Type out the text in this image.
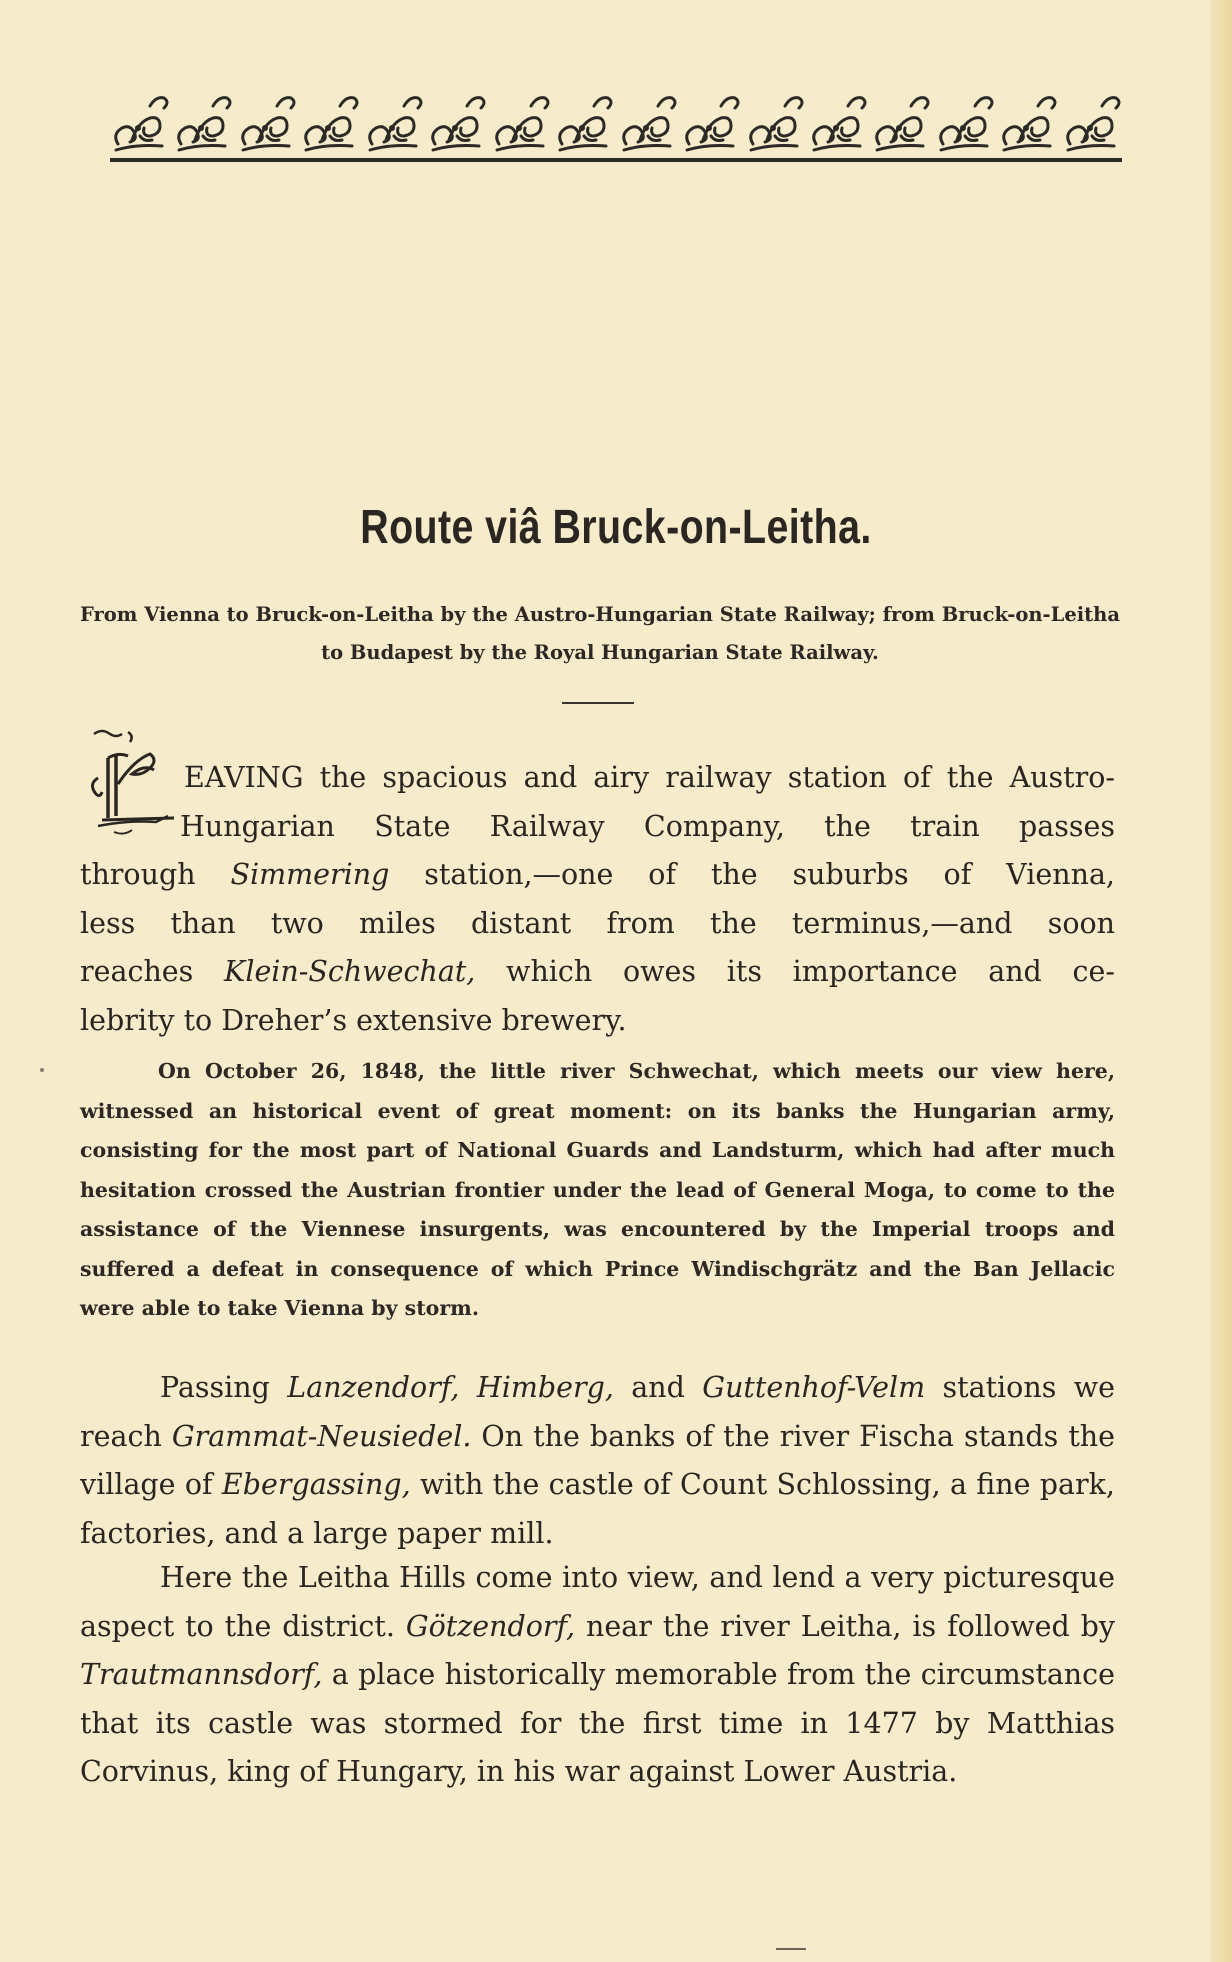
Route viâ Bruck-on-Leitha.
From Vienna to Bruck-on-Leitha by the Austro-Hungarian State Railway; from Bruck-on-Leitha to Budapest by the Royal Hungarian State Railway.
EAVING the spacious and airy railway station of the Austro-
Hungarian State Railway Company, the train passes
through Simmering station,—one of the suburbs of Vienna,
less than two miles distant from the terminus,—and soon
reaches Klein-Schwechat, which owes its importance and ce-
lebrity to Dreher’s extensive brewery.
On October 26, 1848, the little river Schwechat, which meets our view here, witnessed an historical event of great moment: on its banks the Hungarian army, consisting for the most part of National Guards and Landsturm, which had after much hesitation crossed the Austrian frontier under the lead of General Moga, to come to the assistance of the Viennese insurgents, was encountered by the Imperial troops and suffered a defeat in consequence of which Prince Windischgrätz and the Ban Jellacic were able to take Vienna by storm.
Passing Lanzendorf, Himberg, and Guttenhof-Velm stations we reach Grammat-Neusiedel. On the banks of the river Fischa stands the village of Ebergassing, with the castle of Count Schlossing, a fine park, factories, and a large paper mill.
Here the Leitha Hills come into view, and lend a very picturesque aspect to the district. Götzendorf, near the river Leitha, is followed by Trautmannsdorf, a place historically memorable from the circumstance that its castle was stormed for the first time in 1477 by Matthias Corvinus, king of Hungary, in his war against Lower Austria.
